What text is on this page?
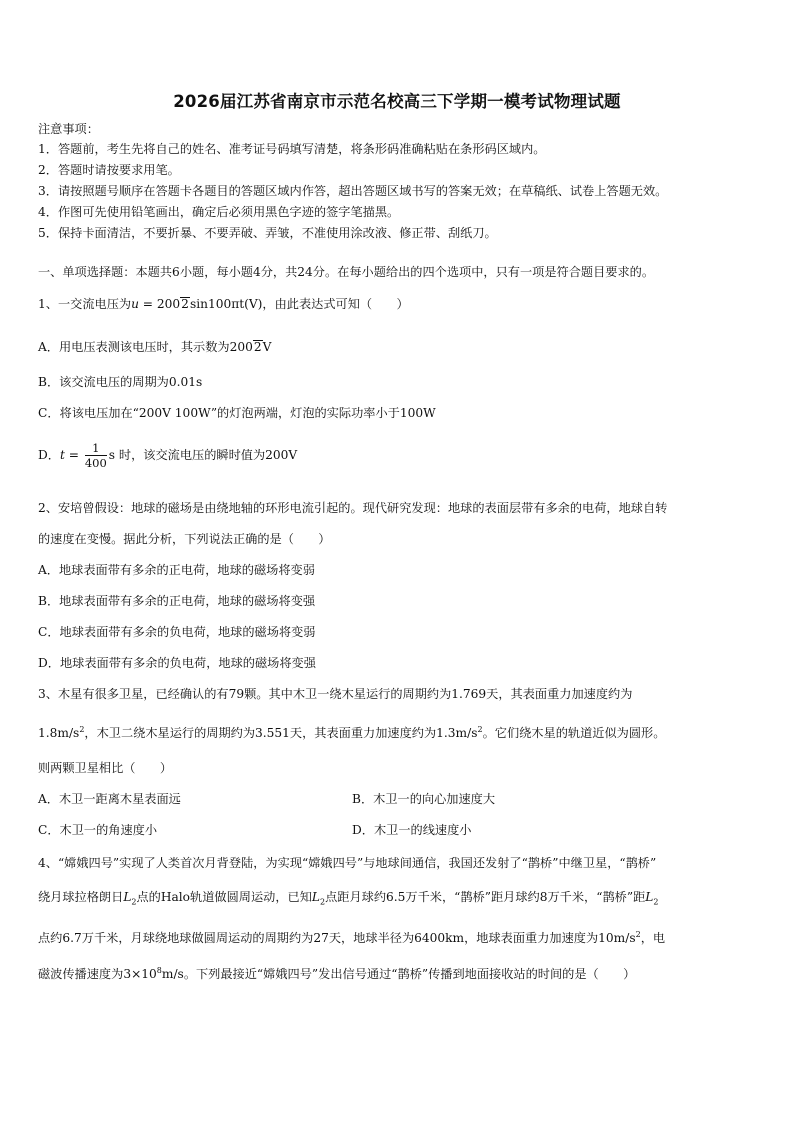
2026届江苏省南京市示范名校高三下学期一模考试物理试题
注意事项：
1．答题前，考生先将自己的姓名、准考证号码填写清楚，将条形码准确粘贴在条形码区域内。
2．答题时请按要求用笔。
3．请按照题号顺序在答题卡各题目的答题区域内作答，超出答题区域书写的答案无效；在草稿纸、试卷上答题无效。
4．作图可先使用铅笔画出，确定后必须用黑色字迹的签字笔描黑。
5．保持卡面清洁，不要折暴、不要弄破、弄皱，不准使用涂改液、修正带、刮纸刀。
一、单项选择题：本题共6小题，每小题4分，共24分。在每小题给出的四个选项中，只有一项是符合题目要求的。
1、一交流电压为u = 2002sin100πt(V)，由此表达式可知（　　）
A．用电压表测该电压时，其示数为2002V
B．该交流电压的周期为0.01s
C．将该电压加在“200V 100W”的灯泡两端，灯泡的实际功率小于100W
D．$t = \frac{1}{400}$ s 时，该交流电压的瞬时值为200V
2、安培曾假设：地球的磁场是由绕地轴的环形电流引起的。现代研究发现：地球的表面层带有多余的电荷，地球自转
的速度在变慢。据此分析，下列说法正确的是（　　）
A．地球表面带有多余的正电荷，地球的磁场将变弱
B．地球表面带有多余的正电荷，地球的磁场将变强
C．地球表面带有多余的负电荷，地球的磁场将变弱
D．地球表面带有多余的负电荷，地球的磁场将变强
3、木星有很多卫星，已经确认的有79颗。其中木卫一绕木星运行的周期约为1.769天，其表面重力加速度约为
$1.8m/s^2$，木卫二绕木星运行的周期约为3.551天，其表面重力加速度约为$1.3m/s^2$。它们绕木星的轨道近似为圆形。
则两颗卫星相比（　　）
A．木卫一距离木星表面远	B．木卫一的向心加速度大
C．木卫一的角速度小	D．木卫一的线速度小
4、“嫦娥四号”实现了人类首次月背登陆，为实现“嫦娥四号”与地球间通信，我国还发射了“鹊桥”中继卫星，“鹊桥”
绕月球拉格朗日$L_2$点的Halo轨道做圆周运动，已知$L_2$点距月球约6.5万千米，“鹊桥”距月球约8万千米，“鹊桥”距$L_2$
点约6.7万千米，月球绕地球做圆周运动的周期约为27天，地球半径为6400km，地球表面重力加速度为$10m/s^2$，电
磁波传播速度为$3\times 10^8m/s$。下列最接近“嫦娥四号”发出信号通过“鹊桥”传播到地面接收站的时间的是（　　）
